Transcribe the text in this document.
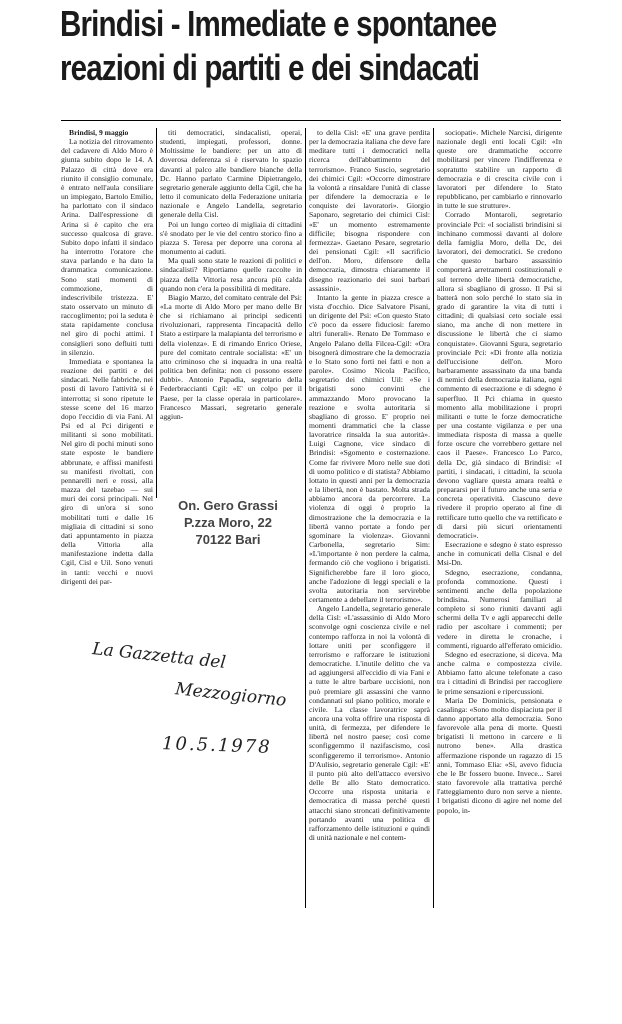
Brindisi - Immediate e spontanee
reazioni di partiti e dei sindacati

Brindisi, 9 maggio

La notizia del ritrovamento del cadavere di Aldo Moro è giunta subito dopo le 14. A Palazzo di città dove era riunito il consiglio comunale, è entrato nell'aula consiliare un impiegato, Bartolo Emilio, ha parlottato con il sindaco Arina. Dall'espressione di Arina si è capito che era successo qualcosa di grave. Subito dopo infatti il sindaco ha interrotto l'oratore che stava parlando e ha dato la drammatica comunicazione. Sono stati momenti di commozione, di indescrivibile tristezza. E' stato osservato un minuto di raccoglimento; poi la seduta è stata rapidamente conclusa nel giro di pochi attimi. I consiglieri sono defluiti tutti in silenzio.

Immediata e spontanea la reazione dei partiti e dei sindacati. Nelle fabbriche, nei posti di lavoro l'attività si è interrotta; si sono ripetute le stesse scene del 16 marzo dopo l'eccidio di via Fani. Al Psi ed al Pci dirigenti e militanti si sono mobilitati. Nel giro di pochi minuti sono state esposte le bandiere abbrunate, e affissi manifesti su manifesti rivoltati, con pennarelli neri e rossi, alla mazza del tazebao — sui muri dei corsi principali. Nel giro di un'ora si sono mobilitati tutti e dalle 16 migliaia di cittadini si sono dati appuntamento in piazza della Vittoria alla manifestazione indetta dalla Cgil, Cisl e Uil. Sono venuti in tanti: vecchi e nuovi dirigenti dei par-

titi democratici, sindacalisti, operai, studenti, impiegati, professori, donne. Moltissime le bandiere: per un atto di doverosa deferenza si è riservato lo spazio davanti al palco alle bandiere bianche della Dc. Hanno parlato Carmine Dipietrangelo, segretario generale aggiunto della Cgil, che ha letto il comunicato della Federazione unitaria nazionale e Angelo Landella, segretario generale della Cisl.

Poi un lungo corteo di migliaia di cittadini s'è snodato per le vie del centro storico fino a piazza S. Teresa per deporre una corona al monumento ai caduti.

Ma quali sono state le reazioni di politici e sindacalisti? Riportiamo quelle raccolte in piazza della Vittoria resa ancora più calda quando non c'era la possibilità di meditare.

Biagio Marzo, del comitato centrale del Psi: «La morte di Aldo Moro per mano delle Br che si richiamano ai principi sedicenti rivoluzionari, rappresenta l'incapacità dello Stato a estirpare la malapianta del terrorismo e della violenza». E di rimando Enrico Oriese, pure del comitato centrale socialista: «E' un atto criminoso che si inquadra in una realtà politica ben definita: non ci possono essere dubbi». Antonio Papadia, segretario della Federbraccianti Cgil: «E' un colpo per il Paese, per la classe operaia in particolare». Francesco Massari, segretario generale aggiun-

to della Cisl: «E' una grave perdita per la democrazia italiana che deve fare meditare tutti i democratici nella ricerca dell'abbattimento del terrorismo». Franco Suscio, segretario dei chimici Cgil: «Occorre dimostrare la volontà a rinsaldare l'unità di classe per difendere la democrazia e le conquiste dei lavoratori». Giorgio Saponaro, segretario dei chimici Cisl: «E' un momento estremamente difficile; bisogna rispondere con fermezza». Gaetano Pesare, segretario dei pensionati Cgil: «Il sacrificio dell'on. Moro, difensore della democrazia, dimostra chiaramente il disegno reazionario dei suoi barbari assassini».

Intanto la gente in piazza cresce a vista d'occhio. Dice Salvatore Pisani, un dirigente del Psi: «Con questo Stato c'è poco da essere fiduciosi: faremo altri funerali». Renato De Tommaso e Angelo Palano della Filcea-Cgil: «Ora bisognerà dimostrare che la democrazia e lo Stato sono forti nei fatti e non a parole». Cosimo Nicola Pacifico, segretario dei chimici Uil: «Se i brigatisti sono convinti che ammazzando Moro provocano la reazione e svolta autoritaria si sbagliano di grosso. E' proprio nei momenti drammatici che la classe lavoratrice rinsalda la sua autorità». Luigi Cagnone, vice sindaco di Brindisi: «Sgomento e costernazione. Come far rivivere Moro nelle sue doti di uomo politico e di statista? Abbiamo lottato in questi anni per la democrazia e la libertà, non è bastato. Molta strada abbiamo ancora da percorrere. La violenza di oggi è proprio la dimostrazione che la democrazia e la libertà vanno portate a fondo per sgominare la violenza». Giovanni Carbonella, segretario Sim: «L'importante è non perdere la calma, fermando ciò che vogliono i brigatisti. Significherebbe fare il loro gioco, anche l'adozione di leggi speciali e la svolta autoritaria non servirebbe certamente a debellare il terrorismo».

Angelo Landella, segretario generale della Cisl: «L'assassinio di Aldo Moro sconvolge ogni coscienza civile e nel contempo rafforza in noi la volontà di lottare uniti per sconfiggere il terrorismo e rafforzare le istituzioni democratiche. L'inutile delitto che va ad aggiungersi all'eccidio di via Fani e a tutte le altre barbare uccisioni, non può premiare gli assassini che vanno condannati sul piano politico, morale e civile. La classe lavoratrice saprà ancora una volta offrire una risposta di unità, di fermezza, per difendere le libertà nel nostro paese; così come sconfiggemmo il nazifascismo, così sconfiggeremo il terrorismo». Antonio D'Aulisio, segretario generale Cgil: «E' il punto più alto dell'attacco eversivo delle Br allo Stato democratico. Occorre una risposta unitaria e democratica di massa perché questi attacchi siano stroncati definitivamente portando avanti una politica di rafforzamento delle istituzioni e quindi di unità nazionale e nel contem-

sociopati». Michele Narcisi, dirigente nazionale degli enti locali Cgil: «In queste ore drammatiche occorre mobilitarsi per vincere l'indifferenza e sopratutto stabilire un rapporto di democrazia e di crescita civile con i lavoratori per difendere lo Stato repubblicano, per cambiarlo e rinnovarlo in tutte le sue strutture».

Corrado Montaroli, segretario provinciale Pci: «I socialisti brindisini si inchinano commossi davanti al dolore della famiglia Moro, della Dc, dei lavoratori, dei democratici. Se credono che questo barbaro assassinio comporterà arretramenti costituzionali e sul terreno delle libertà democratiche, allora si sbagliano di grosso. Il Psi si batterà non solo perché lo stato sia in grado di garantire la vita di tutti i cittadini; di qualsiasi ceto sociale essi siano, ma anche di non mettere in discussione le libertà che ci siamo conquistate». Giovanni Sgura, segretario provinciale Pci: «Di fronte alla notizia dell'uccisione dell'on. Moro barbaramente assassinato da una banda di nemici della democrazia italiana, ogni commento di esecrazione e di sdegno è superfluo. Il Pci chiama in questo momento alla mobilitazione i propri militanti e tutte le forze democratiche per una costante vigilanza e per una immediata risposta di massa a quelle forze oscure che vorrebbero gettare nel caos il Paese». Francesco Lo Parco, della Dc, già sindaco di Brindisi: «I partiti, i sindacati, i cittadini, la scuola devono vagliare questa amara realtà e prepararsi per il futuro anche una seria e concreta operatività. Ciascuno deve rivedere il proprio operato al fine di rettificare tutto quello che va rettificato e di darsi più sicuri orientamenti democratici».

Esecrazione e sdegno è stato espresso anche in comunicati della Cisnal e del Msi-Dn.

Sdegno, esecrazione, condanna, profonda commozione. Questi i sentimenti anche della popolazione brindisina. Numerosi familiari al completo si sono riuniti davanti agli schermi della Tv e agli apparecchi delle radio per ascoltare i commenti; per vedere in diretta le cronache, i commenti, riguardo all'efferato omicidio.

Sdegno ed esecrazione, si diceva. Ma anche calma e compostezza civile. Abbiamo fatto alcune telefonate a caso tra i cittadini di Brindisi per raccogliere le prime sensazioni e ripercussioni.

Maria De Dominicis, pensionata e casalinga: «Sono molto dispiaciuta per il danno apportato alla democrazia. Sono favorevole alla pena di morte. Questi brigatisti li mettono in carcere e li nutrono bene». Alla drastica affermazione risponde un ragazzo di 15 anni, Tommaso Elia: «Sì, avevo fiducia che le Br fossero buone. Invece... Sarei stato favorevole alla trattativa perché l'atteggiamento duro non serve a niente. I brigatisti dicono di agire nel nome del popolo, in-

On. Gero Grassi
P.zza Moro, 22
70122 Bari
La Gazzetta del
Mezzogiorno
10.5.1978
